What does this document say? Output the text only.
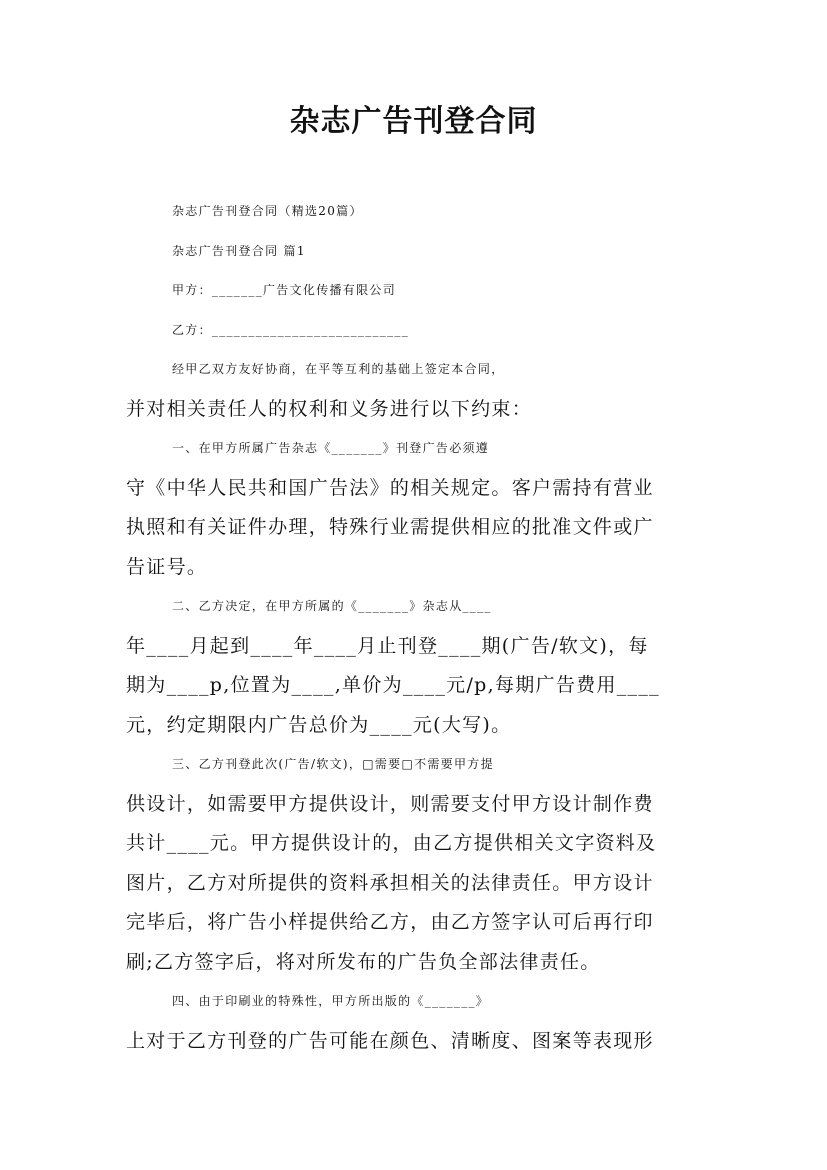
杂志广告刊登合同
杂志广告刊登合同（精选20篇）
杂志广告刊登合同 篇1
甲方：_______广告文化传播有限公司
乙方：___________________________
经甲乙双方友好协商，在平等互利的基础上签定本合同，
并对相关责任人的权利和义务进行以下约束：
一、在甲方所属广告杂志《_______》刊登广告必须遵
守《中华人民共和国广告法》的相关规定。客户需持有营业
执照和有关证件办理，特殊行业需提供相应的批准文件或广
告证号。
二、乙方决定，在甲方所属的《_______》杂志从____
年____月起到____年____月止刊登____期(广告/软文)，每
期为____p,位置为____,单价为____元/p,每期广告费用____
元，约定期限内广告总价为____元(大写)。
三、乙方刊登此次(广告/软文)，□需要□不需要甲方提
供设计，如需要甲方提供设计，则需要支付甲方设计制作费
共计____元。甲方提供设计的，由乙方提供相关文字资料及
图片，乙方对所提供的资料承担相关的法律责任。甲方设计
完毕后，将广告小样提供给乙方，由乙方签字认可后再行印
刷;乙方签字后，将对所发布的广告负全部法律责任。
四、由于印刷业的特殊性，甲方所出版的《_______》
上对于乙方刊登的广告可能在颜色、清晰度、图案等表现形
